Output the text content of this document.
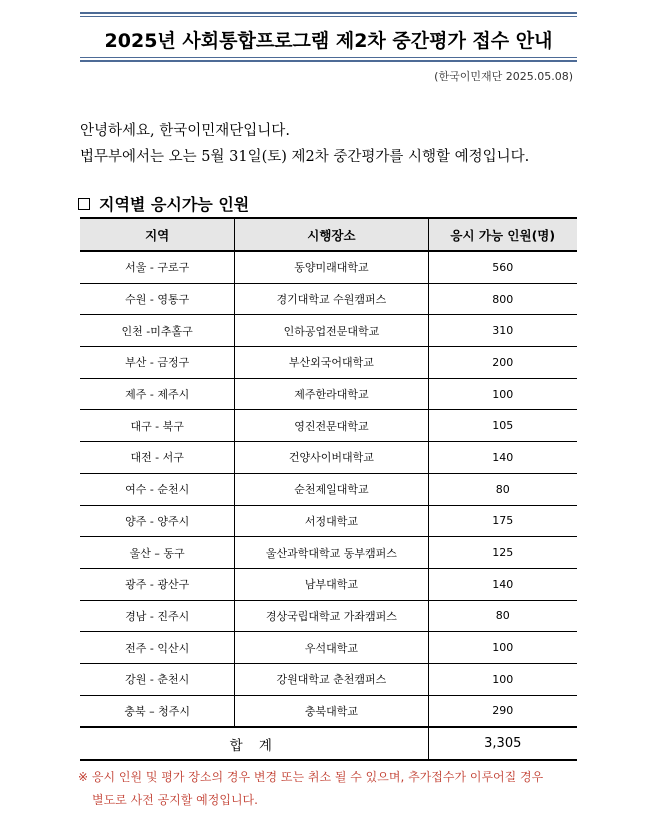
2025년 사회통합프로그램 제2차 중간평가 접수 안내
(한국이민재단 2025.05.08)
안녕하세요, 한국이민재단입니다.
법무부에서는 오는 5월 31일(토) 제2차 중간평가를 시행할 예정입니다.
지역별 응시가능 인원
지역	시행장소	응시 가능 인원(명)
서울 - 구로구	동양미래대학교	560
수원 - 영통구	경기대학교 수원캠퍼스	800
인천 -미추홀구	인하공업전문대학교	310
부산 - 금정구	부산외국어대학교	200
제주 - 제주시	제주한라대학교	100
대구 - 북구	영진전문대학교	105
대전 - 서구	건양사이버대학교	140
여수 - 순천시	순천제일대학교	80
양주 - 양주시	서정대학교	175
울산 – 동구	울산과학대학교 동부캠퍼스	125
광주 - 광산구	남부대학교	140
경남 - 진주시	경상국립대학교 가좌캠퍼스	80
전주 - 익산시	우석대학교	100
강원 - 춘천시	강원대학교 춘천캠퍼스	100
충북 – 청주시	충북대학교	290
합 계		3,305
※ 응시 인원 및 평가 장소의 경우 변경 또는 취소 될 수 있으며, 추가접수가 이루어질 경우
별도로 사전 공지할 예정입니다.
